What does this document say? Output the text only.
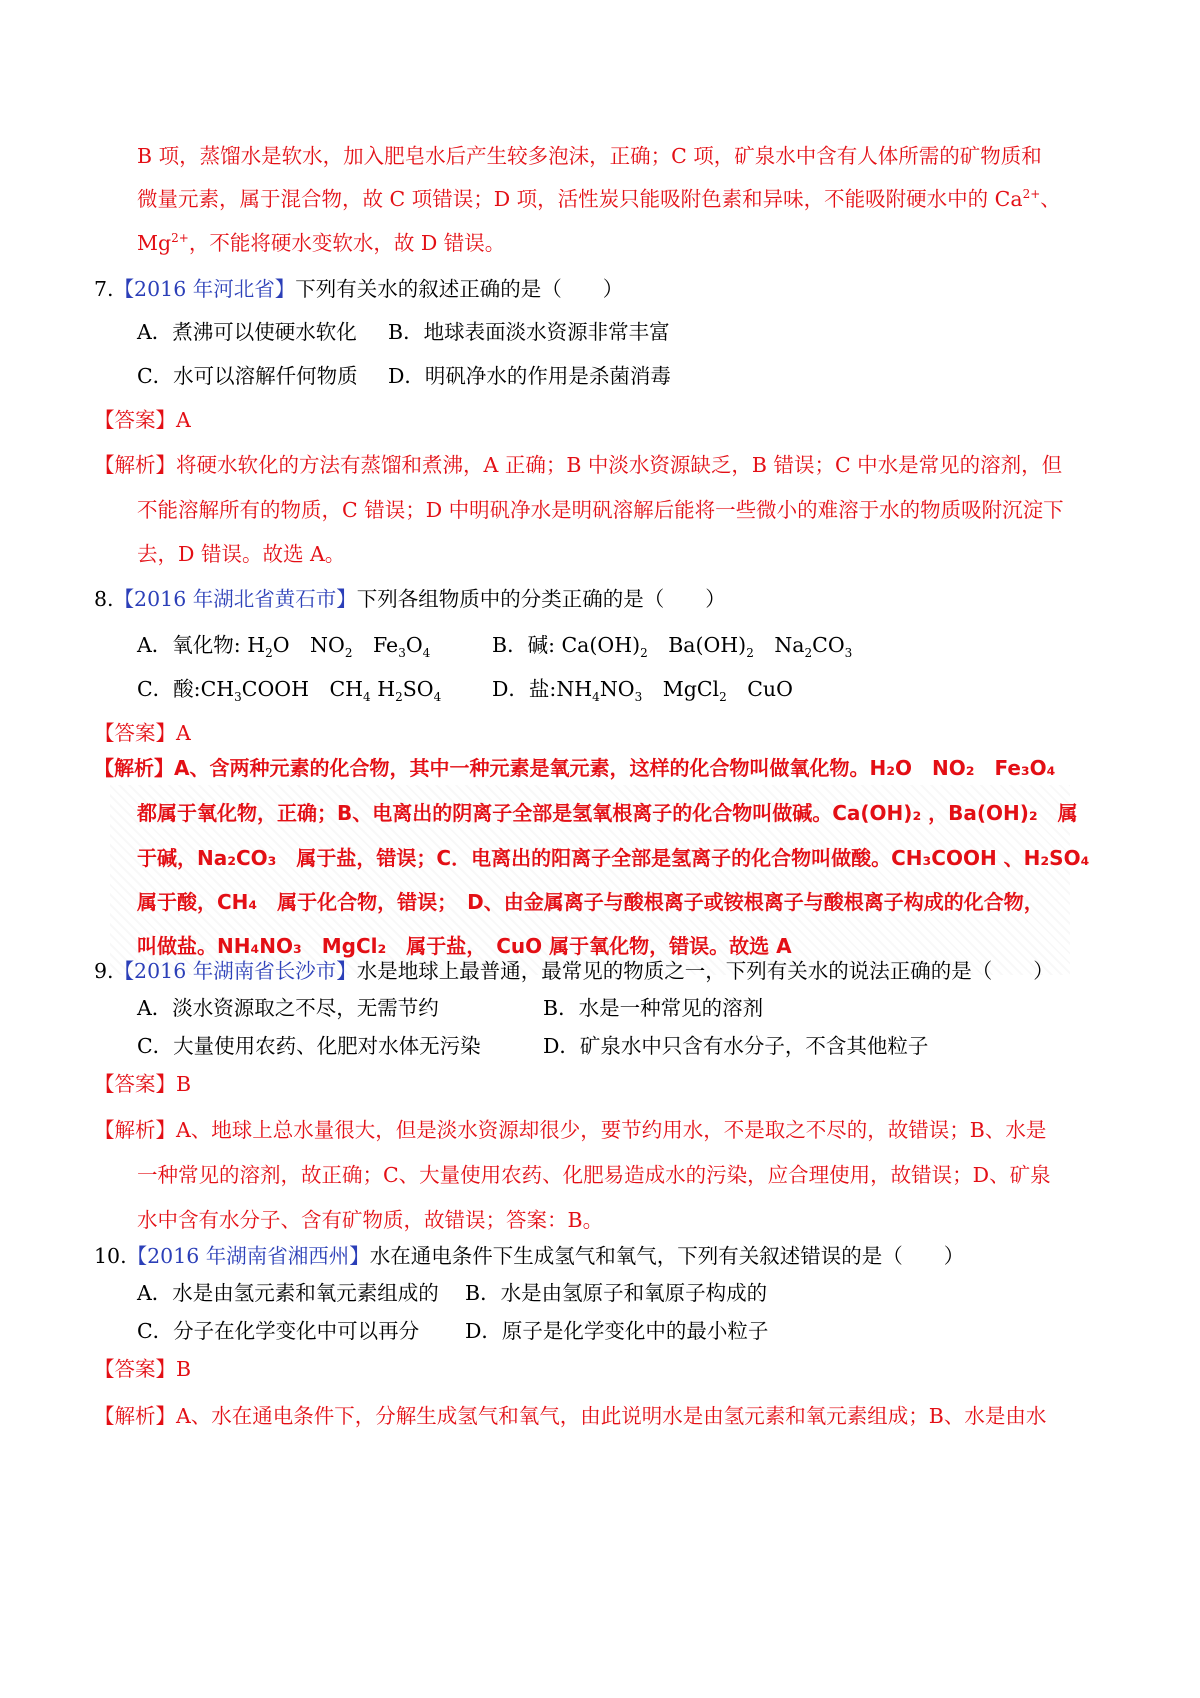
B 项，蒸馏水是软水，加入肥皂水后产生较多泡沫，正确；C 项，矿泉水中含有人体所需的矿物质和
微量元素，属于混合物，故 C 项错误；D 项，活性炭只能吸附色素和异味，不能吸附硬水中的 $Ca^{2+}$、
$Mg^{2+}$，不能将硬水变软水，故 D 错误。
7.【2016 年河北省】下列有关水的叙述正确的是（　　）
A．煮沸可以使硬水软化 B．地球表面淡水资源非常丰富
C．水可以溶解仟何物质 D．明矾净水的作用是杀菌消毒
【答案】A
【解析】将硬水软化的方法有蒸馏和煮沸，A 正确；B 中淡水资源缺乏，B 错误；C 中水是常见的溶剂，但
不能溶解所有的物质，C 错误；D 中明矾净水是明矾溶解后能将一些微小的难溶于水的物质吸附沉淀下
去，D 错误。故选 A。
8.【2016 年湖北省黄石市】下列各组物质中的分类正确的是（　　）
A．氧化物: $H_2O$　$NO_2$　$Fe_3O_4$	B．碱: $Ca(OH)_2$　$Ba(OH)_2$　$Na_2CO_3$
C．酸$:CH_3COOH$　$CH_4$ $H_2SO_4$ D．盐$:NH_4NO_3$　MgCl$_2$　CuO
【答案】A
【解析】A、含两种元素的化合物，其中一种元素是氧元素，这样的化合物叫做氧化物。H₂O　NO₂　Fe₃O₄
都属于氧化物，正确；B、电离出的阴离子全部是氢氧根离子的化合物叫做碱。Ca(OH)₂ ，Ba(OH)₂　属
于碱，Na₂CO₃　属于盐，错误；C．电离出的阳离子全部是氢离子的化合物叫做酸。CH₃COOH 、H₂SO₄
属于酸，CH₄　属于化合物，错误；　D、由金属离子与酸根离子或铵根离子与酸根离子构成的化合物，
叫做盐。NH₄NO₃　MgCl₂　属于盐，　CuO 属于氧化物，错误。故选 A
9.【2016 年湖南省长沙市】水是地球上最普通，最常见的物质之一，下列有关水的说法正确的是（　　）
A．淡水资源取之不尽，无需节约	B．水是一种常见的溶剂
C．大量使用农药、化肥对水体无污染	D．矿泉水中只含有水分子，不含其他粒子
【答案】B
【解析】A、地球上总水量很大，但是淡水资源却很少，要节约用水，不是取之不尽的，故错误；B、水是
一种常见的溶剂，故正确；C、大量使用农药、化肥易造成水的污染，应合理使用，故错误；D、矿泉
水中含有水分子、含有矿物质，故错误；答案：B。
10.【2016 年湖南省湘西州】水在通电条件下生成氢气和氧气，下列有关叙述错误的是（　　）
A．水是由氢元素和氧元素组成的 B．水是由氢原子和氧原子构成的
C．分子在化学变化中可以再分 D．原子是化学变化中的最小粒子
【答案】B
【解析】A、水在通电条件下，分解生成氢气和氧气，由此说明水是由氢元素和氧元素组成；B、水是由水
